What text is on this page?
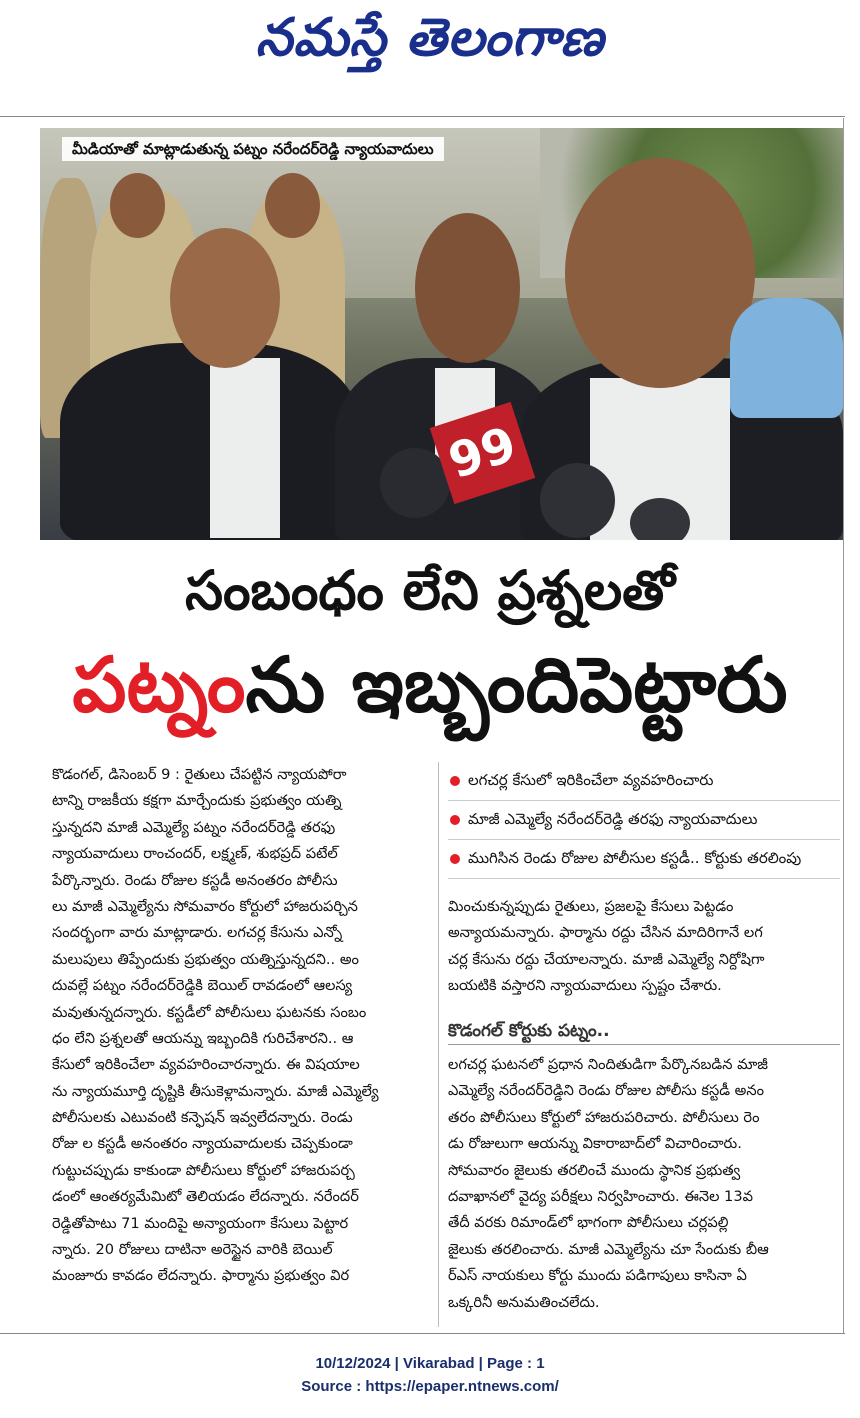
నమస్తే తెలంగాణ
99
మీడియాతో మాట్లాడుతున్న పట్నం నరేందర్‌రెడ్డి న్యాయవాదులు
సంబంధం లేని ప్రశ్నలతో
పట్నంను ఇబ్బందిపెట్టారు
కొడంగల్, డిసెంబర్ 9 : రైతులు చేపట్టిన న్యాయపోరా
టాన్ని రాజకీయ కక్షగా మార్చేందుకు ప్రభుత్వం యత్ని
స్తున్నదని మాజీ ఎమ్మెల్యే పట్నం నరేందర్‌రెడ్డి తరఫు
న్యాయవాదులు రాంచందర్, లక్ష్మణ్, శుభప్రద్ పటేల్
పేర్కొన్నారు. రెండు రోజుల కస్టడీ అనంతరం పోలీసు
లు మాజీ ఎమ్మెల్యేను సోమవారం కోర్టులో హాజరుపర్చిన
సందర్భంగా వారు మాట్లాడారు. లగచర్ల కేసును ఎన్నో
మలుపులు తిప్పేందుకు ప్రభుత్వం యత్నిస్తున్నదని.. అం
దువల్లే పట్నం నరేందర్‌రెడ్డికి బెయిల్ రావడంలో ఆలస్య
మవుతున్నదన్నారు. కస్టడీలో పోలీసులు ఘటనకు సంబం
ధం లేని ప్రశ్నలతో ఆయన్ను ఇబ్బందికి గురిచేశారని.. ఆ
కేసులో ఇరికించేలా వ్యవహరించారన్నారు. ఈ విషయాల
ను న్యాయమూర్తి దృష్టికి తీసుకెళ్లామన్నారు. మాజీ ఎమ్మెల్యే
పోలీసులకు ఎటువంటి కన్ఫెషన్ ఇవ్వలేదన్నారు. రెండు
రోజు ల కస్టడీ అనంతరం న్యాయవాదులకు చెప్పకుండా
గుట్టుచప్పుడు కాకుండా పోలీసులు కోర్టులో హాజరుపర్చ
డంలో ఆంతర్యమేమిటో తెలియడం లేదన్నారు. నరేందర్
రెడ్డితోపాటు 71 మందిపై అన్యాయంగా కేసులు పెట్టార
న్నారు. 20 రోజులు దాటినా అరెస్టైన వారికి బెయిల్
మంజూరు కావడం లేదన్నారు. ఫార్మాను ప్రభుత్వం విర
లగచర్ల కేసులో ఇరికించేలా వ్యవహరించారు
మాజీ ఎమ్మెల్యే నరేందర్‌రెడ్డి తరఫు న్యాయవాదులు
ముగిసిన రెండు రోజుల పోలీసుల కస్టడీ.. కోర్టుకు తరలింపు
మించుకున్నప్పుడు రైతులు, ప్రజలపై కేసులు పెట్టడం
అన్యాయమన్నారు. ఫార్మాను రద్దు చేసిన మాదిరిగానే లగ
చర్ల కేసును రద్దు చేయాలన్నారు. మాజీ ఎమ్మెల్యే నిర్దోషిగా
బయటికి వస్తారని న్యాయవాదులు స్పష్టం చేశారు.
కొడంగల్ కోర్టుకు పట్నం..
లగచర్ల ఘటనలో ప్రధాన నిందితుడిగా పేర్కొనబడిన మాజీ
ఎమ్మెల్యే నరేందర్‌రెడ్డిని రెండు రోజుల పోలీసు కస్టడీ అనం
తరం పోలీసులు కోర్టులో హాజరుపరిచారు. పోలీసులు రెం
డు రోజులుగా ఆయన్ను వికారాబాద్‌లో విచారించారు.
సోమవారం జైలుకు తరలించే ముందు స్థానిక ప్రభుత్వ
దవాఖానలో వైద్య పరీక్షలు నిర్వహించారు. ఈనెల 13వ
తేదీ వరకు రిమాండ్‌లో భాగంగా పోలీసులు చర్లపల్లి
జైలుకు తరలించారు. మాజీ ఎమ్మెల్యేను చూ సేందుకు బీఆ
ర్‌ఎస్ నాయకులు కోర్టు ముందు పడిగాపులు కాసినా ఏ
ఒక్కరినీ అనుమతించలేదు.
10/12/2024 | Vikarabad | Page : 1
Source : https://epaper.ntnews.com/
